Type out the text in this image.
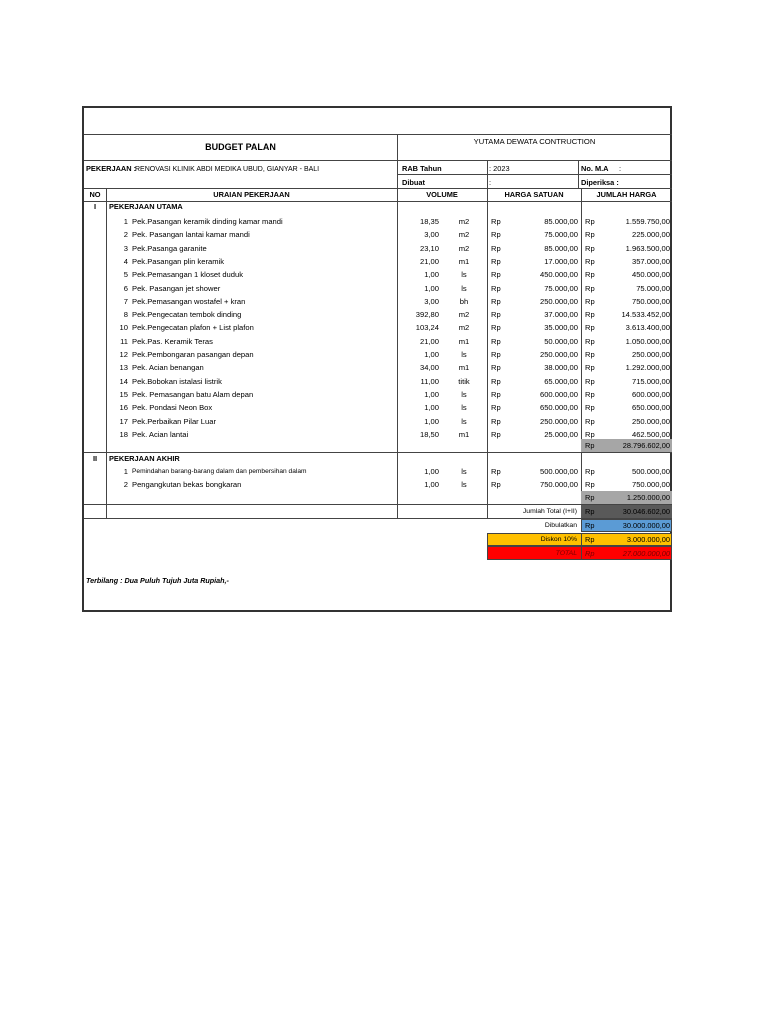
BUDGET PALAN
YUTAMA DEWATA CONTRUCTION
PEKERJAAN :
RENOVASI KLINIK ABDI MEDIKA UBUD, GIANYAR - BALI	RAB Tahun	: 2023
Dibuat	:
No. M.A :
Diperiksa :
NO	URAIAN PEKERJAAN	VOLUME	HARGA SATUAN	JUMLAH HARGA
I	PEKERJAAN UTAMA
1 Pek.Pasangan keramik dinding kamar mandi	18,35	m2	Rp	85.000,00 Rp	1.559.750,00
2 Pek. Pasangan lantai kamar mandi	3,00	m2	Rp	75.000,00 Rp	225.000,00
3 Pek.Pasanga garanite	23,10	m2	Rp	85.000,00 Rp	1.963.500,00
4 Pek.Pasangan plin keramik	21,00	m1	Rp	17.000,00 Rp	357.000,00
5 Pek.Pemasangan 1 kloset duduk	1,00	ls	Rp	450.000,00 Rp	450.000,00
6 Pek. Pasangan jet shower	1,00	ls	Rp	75.000,00 Rp	75.000,00
7 Pek.Pemasangan wostafel + kran	3,00	bh	Rp	250.000,00 Rp	750.000,00
8 Pek.Pengecatan tembok dinding	392,80	m2	Rp	37.000,00 Rp	14.533.452,00
10 Pek.Pengecatan plafon + List plafon	103,24	m2	Rp	35.000,00 Rp	3.613.400,00
11 Pek.Pas. Keramik Teras	21,00	m1	Rp	50.000,00 Rp	1.050.000,00
12 Pek.Pembongaran pasangan depan	1,00	ls	Rp	250.000,00 Rp	250.000,00
13 Pek. Acian benangan	34,00	m1	Rp	38.000,00 Rp	1.292.000,00
14 Pek.Bobokan istalasi listrik	11,00	titik	Rp	65.000,00 Rp	715.000,00
15 Pek. Pemasangan batu Alam depan	1,00	ls	Rp	600.000,00 Rp	600.000,00
16 Pek. Pondasi Neon Box	1,00	ls	Rp	650.000,00 Rp	650.000,00
17 Pek.Perbaikan Pilar Luar	1,00	ls	Rp	250.000,00 Rp	250.000,00
18 Pek. Acian lantai	18,50	m1	Rp	25.000,00 Rp	462.500,00
Rp	28.796.602,00
II	PEKERJAAN AKHIR
1 Pemindahan barang-barang dalam dan pembersihan dalam	1,00	ls	Rp	500.000,00 Rp	500.000,00
2 Pengangkutan bekas bongkaran	1,00	ls	Rp	750.000,00 Rp	750.000,00
Rp	1.250.000,00
Jumlah Total (I+II) Rp	30.046.602,00
Dibulatkan Rp	30.000.000,00
Diskon 10% Rp	3.000.000,00
TOTAL Rp	27.000.000,00
Terbilang : Dua Puluh Tujuh Juta Rupiah,-
